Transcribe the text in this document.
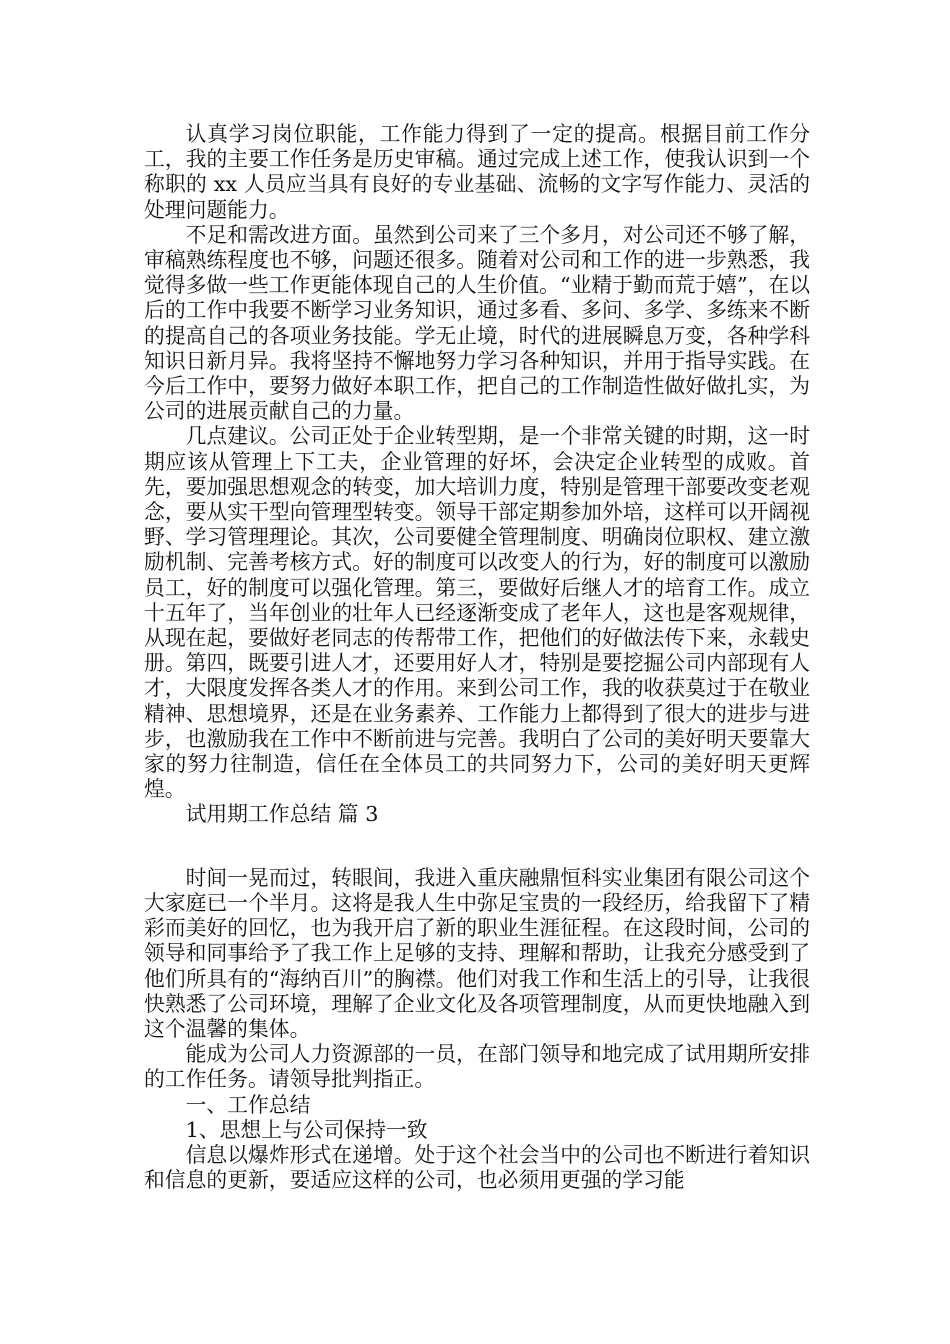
认真学习岗位职能，工作能力得到了一定的提高。根据目前工作分工，我的主要工作任务是历史审稿。通过完成上述工作，使我认识到一个称职的 xx 人员应当具有良好的专业基础、流畅的文字写作能力、灵活的处理问题能力。

不足和需改进方面。虽然到公司来了三个多月，对公司还不够了解，审稿熟练程度也不够，问题还很多。随着对公司和工作的进一步熟悉，我觉得多做一些工作更能体现自己的人生价值。“业精于勤而荒于嬉”，在以后的工作中我要不断学习业务知识，通过多看、多问、多学、多练来不断的提高自己的各项业务技能。学无止境，时代的进展瞬息万变，各种学科知识日新月异。我将坚持不懈地努力学习各种知识，并用于指导实践。在今后工作中，要努力做好本职工作，把自己的工作制造性做好做扎实，为公司的进展贡献自己的力量。

几点建议。公司正处于企业转型期，是一个非常关键的时期，这一时期应该从管理上下工夫，企业管理的好坏，会决定企业转型的成败。首先，要加强思想观念的转变，加大培训力度，特别是管理干部要改变老观念，要从实干型向管理型转变。领导干部定期参加外培，这样可以开阔视野、学习管理理论。其次，公司要健全管理制度、明确岗位职权、建立激励机制、完善考核方式。好的制度可以改变人的行为，好的制度可以激励员工，好的制度可以强化管理。第三，要做好后继人才的培育工作。成立十五年了，当年创业的壮年人已经逐渐变成了老年人，这也是客观规律，从现在起，要做好老同志的传帮带工作，把他们的好做法传下来，永载史册。第四，既要引进人才，还要用好人才，特别是要挖掘公司内部现有人才，大限度发挥各类人才的作用。来到公司工作，我的收获莫过于在敬业精神、思想境界，还是在业务素养、工作能力上都得到了很大的进步与进步，也激励我在工作中不断前进与完善。我明白了公司的美好明天要靠大家的努力往制造，信任在全体员工的共同努力下，公司的美好明天更辉煌。

试用期工作总结 篇 3

时间一晃而过，转眼间，我进入重庆融鼎恒科实业集团有限公司这个大家庭已一个半月。这将是我人生中弥足宝贵的一段经历，给我留下了精彩而美好的回忆，也为我开启了新的职业生涯征程。在这段时间，公司的领导和同事给予了我工作上足够的支持、理解和帮助，让我充分感受到了他们所具有的“海纳百川”的胸襟。他们对我工作和生活上的引导，让我很快熟悉了公司环境，理解了企业文化及各项管理制度，从而更快地融入到这个温馨的集体。

能成为公司人力资源部的一员，在部门领导和地完成了试用期所安排的工作任务。请领导批判指正。

一、工作总结

1、思想上与公司保持一致

信息以爆炸形式在递增。处于这个社会当中的公司也不断进行着知识和信息的更新，要适应这样的公司，也必须用更强的学习能
